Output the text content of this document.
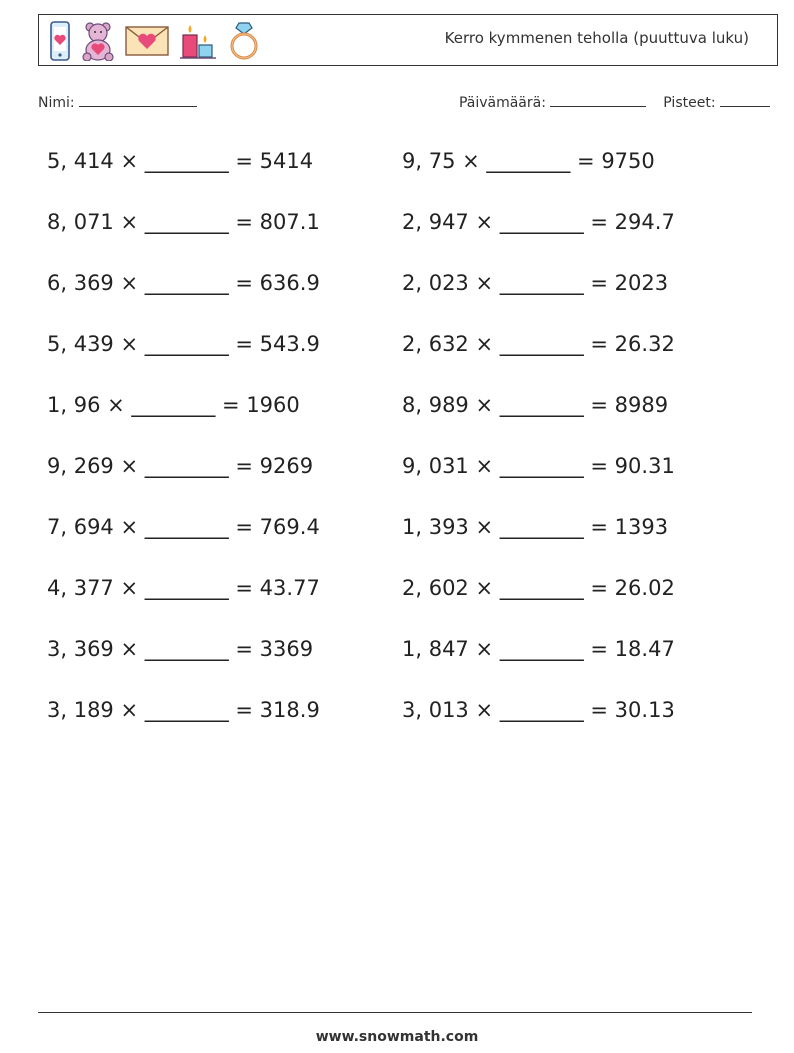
Kerro kymmenen teholla (puuttuva luku)
Nimi:	Päivämäärä:	Pisteet:
5, 414 × ________ = 5414
8, 071 × ________ = 807.1
6, 369 × ________ = 636.9
5, 439 × ________ = 543.9
1, 96 × ________ = 1960
9, 269 × ________ = 9269
7, 694 × ________ = 769.4
4, 377 × ________ = 43.77
3, 369 × ________ = 3369
3, 189 × ________ = 318.9
9, 75 × ________ = 9750
2, 947 × ________ = 294.7
2, 023 × ________ = 2023
2, 632 × ________ = 26.32
8, 989 × ________ = 8989
9, 031 × ________ = 90.31
1, 393 × ________ = 1393
2, 602 × ________ = 26.02
1, 847 × ________ = 18.47
3, 013 × ________ = 30.13
www.snowmath.com
